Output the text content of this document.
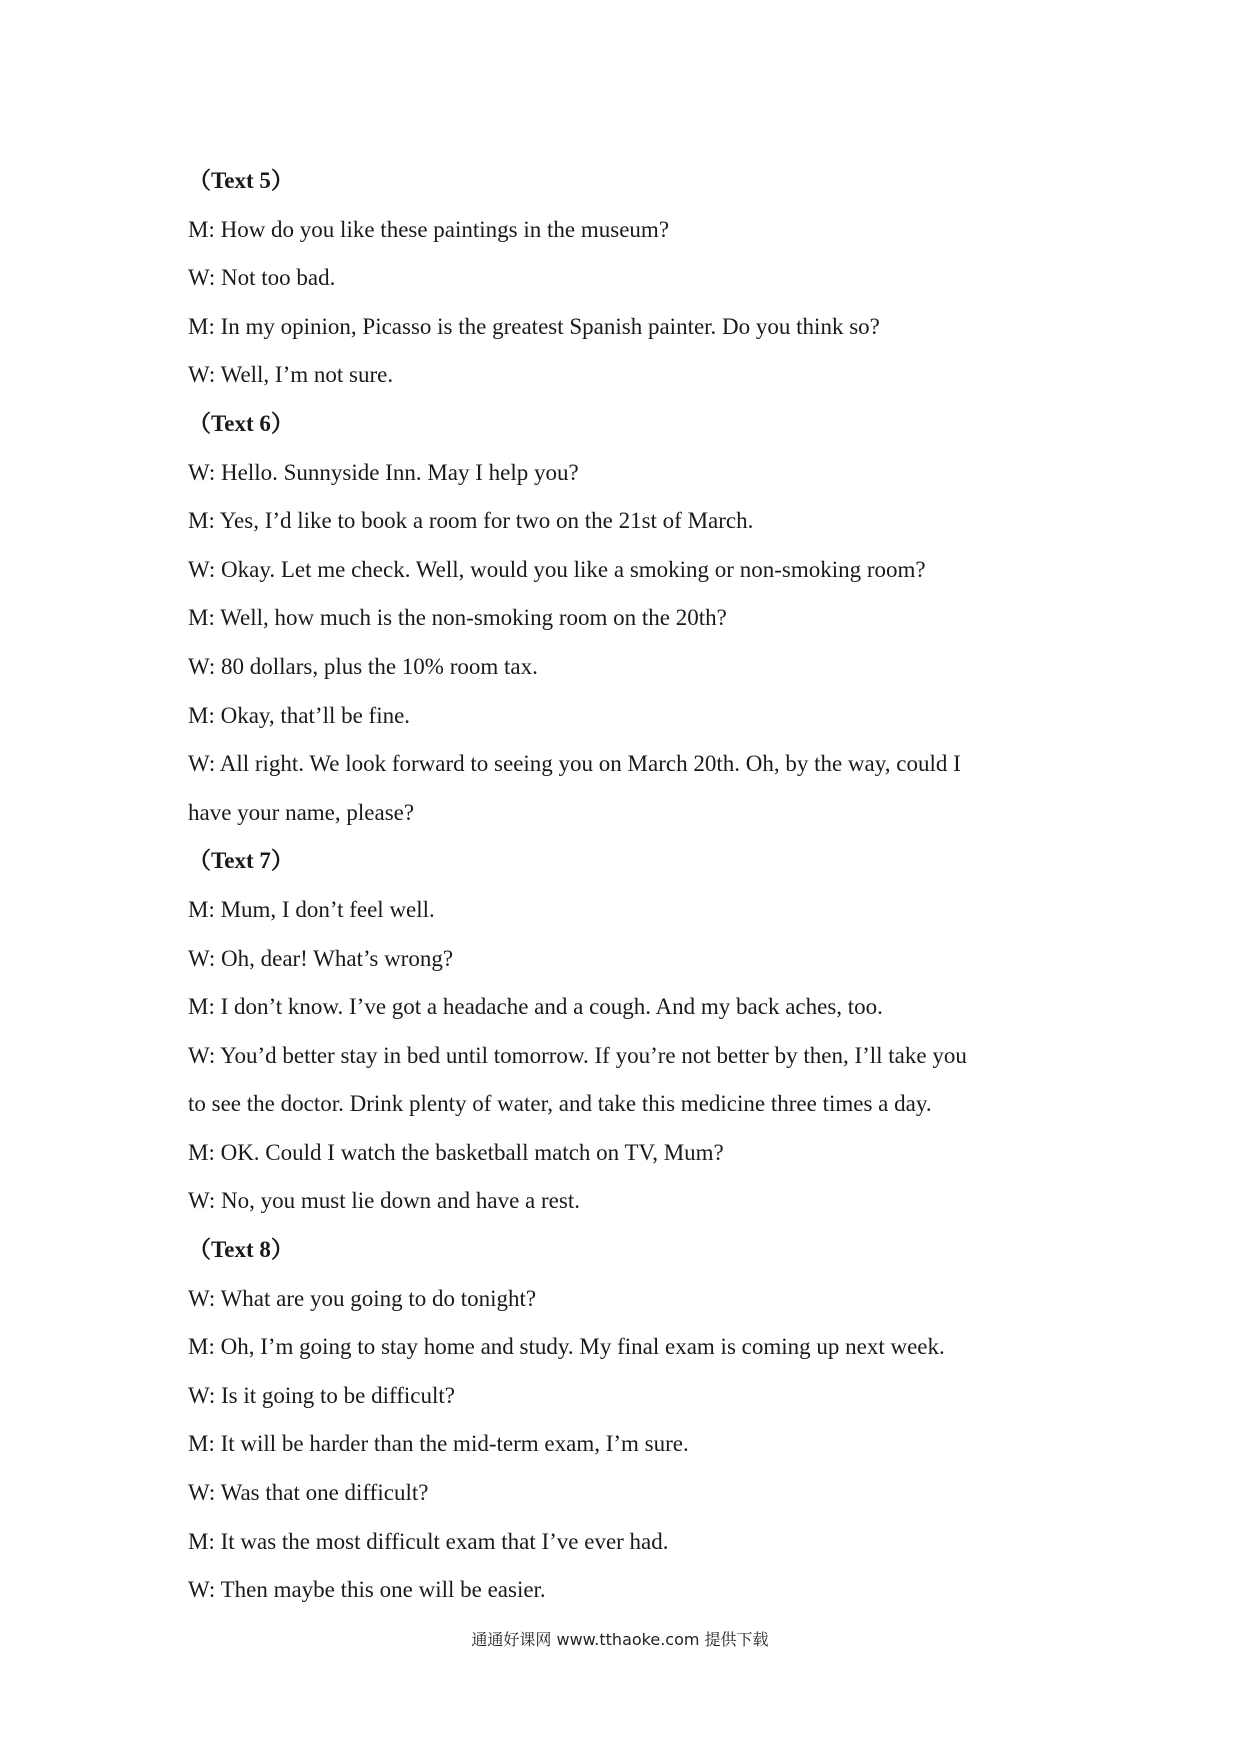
（Text 5）
M: How do you like these paintings in the museum?
W: Not too bad.
M: In my opinion, Picasso is the greatest Spanish painter. Do you think so?
W: Well, I’m not sure.
（Text 6）
W: Hello. Sunnyside Inn. May I help you?
M: Yes, I’d like to book a room for two on the 21st of March.
W: Okay. Let me check. Well, would you like a smoking or non-smoking room?
M: Well, how much is the non-smoking room on the 20th?
W: 80 dollars, plus the 10% room tax.
M: Okay, that’ll be fine.
W: All right. We look forward to seeing you on March 20th. Oh, by the way, could I
have your name, please?
（Text 7）
M: Mum, I don’t feel well.
W: Oh, dear! What’s wrong?
M: I don’t know. I’ve got a headache and a cough. And my back aches, too.
W: You’d better stay in bed until tomorrow. If you’re not better by then, I’ll take you
to see the doctor. Drink plenty of water, and take this medicine three times a day.
M: OK. Could I watch the basketball match on TV, Mum?
W: No, you must lie down and have a rest.
（Text 8）
W: What are you going to do tonight?
M: Oh, I’m going to stay home and study. My final exam is coming up next week.
W: Is it going to be difficult?
M: It will be harder than the mid-term exam, I’m sure.
W: Was that one difficult?
M: It was the most difficult exam that I’ve ever had.
W: Then maybe this one will be easier.
通通好课网 www.tthaoke.com 提供下载
